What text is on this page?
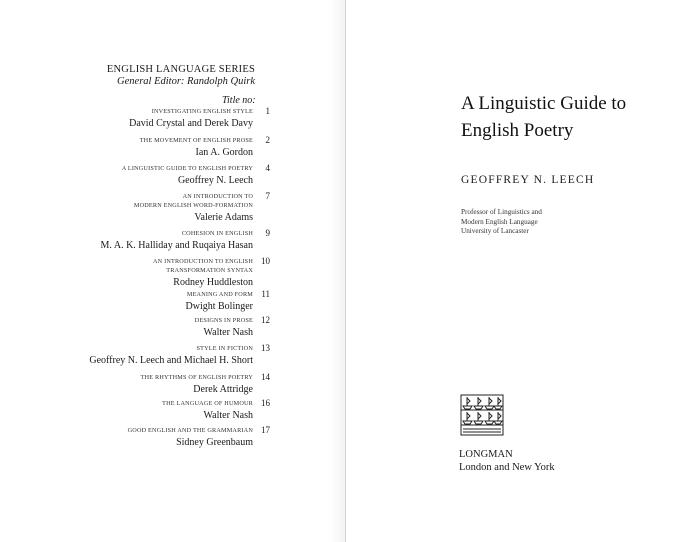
ENGLISH LANGUAGE SERIES
General Editor: Randolph Quirk
Title no:
INVESTIGATING ENGLISH STYLE	1
David Crystal and Derek Davy
THE MOVEMENT OF ENGLISH PROSE	2
Ian A. Gordon
A LINGUISTIC GUIDE TO ENGLISH POETRY	4
Geoffrey N. Leech
AN INTRODUCTION TO
MODERN ENGLISH WORD-FORMATION
7
Valerie Adams
COHESION IN ENGLISH	9
M. A. K. Halliday and Ruqaiya Hasan
AN INTRODUCTION TO ENGLISH
TRANSFORMATION SYNTAX
10
Rodney Huddleston
MEANING AND FORM 11
Dwight Bolinger
DESIGNS IN PROSE 12
Walter Nash
STYLE IN FICTION 13
Geoffrey N. Leech and Michael H. Short
THE RHYTHMS OF ENGLISH POETRY 14
Derek Attridge
THE LANGUAGE OF HUMOUR 16
Walter Nash
GOOD ENGLISH AND THE GRAMMARIAN 17
Sidney Greenbaum
A Linguistic Guide to
English Poetry
GEOFFREY N. LEECH
Professor of Linguistics and
Modern English Language
University of Lancaster
LONGMAN
London and New York
